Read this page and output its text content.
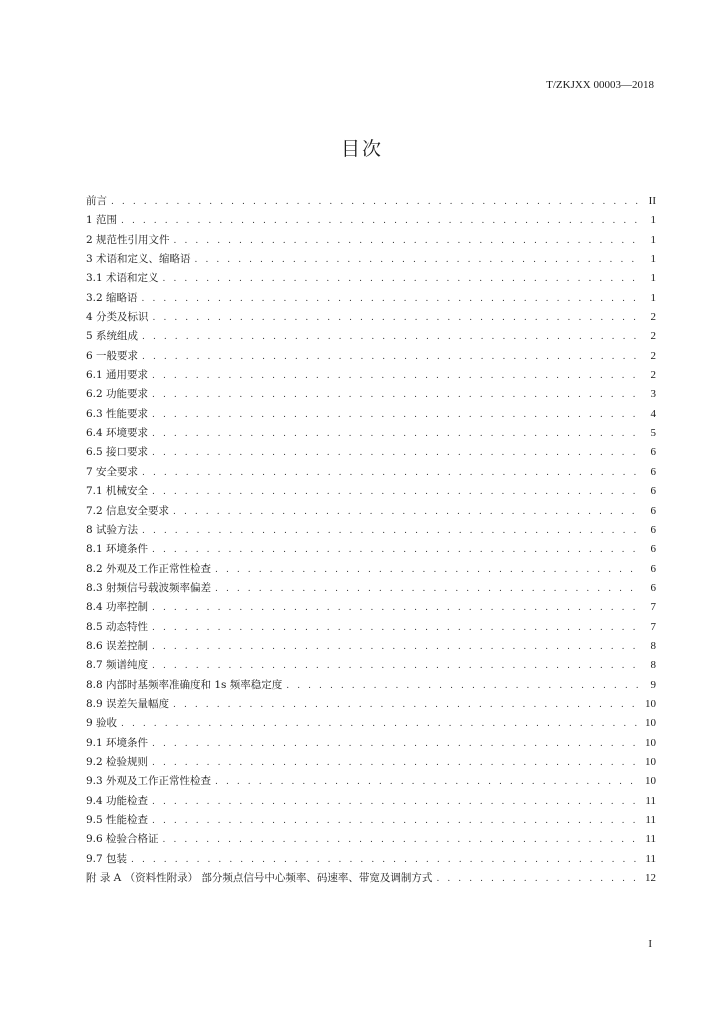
T/ZKJXX 00003—2018
目次
前言 . . .	II
1 范围 . . .	1
2 规范性引用文件 . . .	1
3 术语和定义、缩略语 . . .	1
3.1 术语和定义 . . .	1
3.2 缩略语 . . .	1
4 分类及标识 . . .	2
5 系统组成 . . .	2
6 一般要求 . . .	2
6.1 通用要求 . . .	2
6.2 功能要求 . . .	3
6.3 性能要求 . . .	4
6.4 环境要求 . . .	5
6.5 接口要求 . . .	6
7 安全要求 . . .	6
7.1 机械安全 . . .	6
7.2 信息安全要求 . . .	6
8 试验方法 . . .	6
8.1 环境条件 . . .	6
8.2 外观及工作正常性检查 . . .	6
8.3 射频信号载波频率偏差 . . .	6
8.4 功率控制 . . .	7
8.5 动态特性 . . .	7
8.6 误差控制 . . .	8
8.7 频谱纯度 . . .	8
8.8 内部时基频率准确度和 1s 频率稳定度 . . .	9
8.9 误差矢量幅度 . . .	10
9 验收 . . .	10
9.1 环境条件 . . .	10
9.2 检验规则 . . .	10
9.3 外观及工作正常性检查 . . .	10
9.4 功能检查 . . .	11
9.5 性能检查 . . .	11
9.6 检验合格证 . . .	11
9.7 包装 . . .	11
附 录 A （资料性附录） 部分频点信号中心频率、码速率、带宽及调制方式 . . .	12
I
